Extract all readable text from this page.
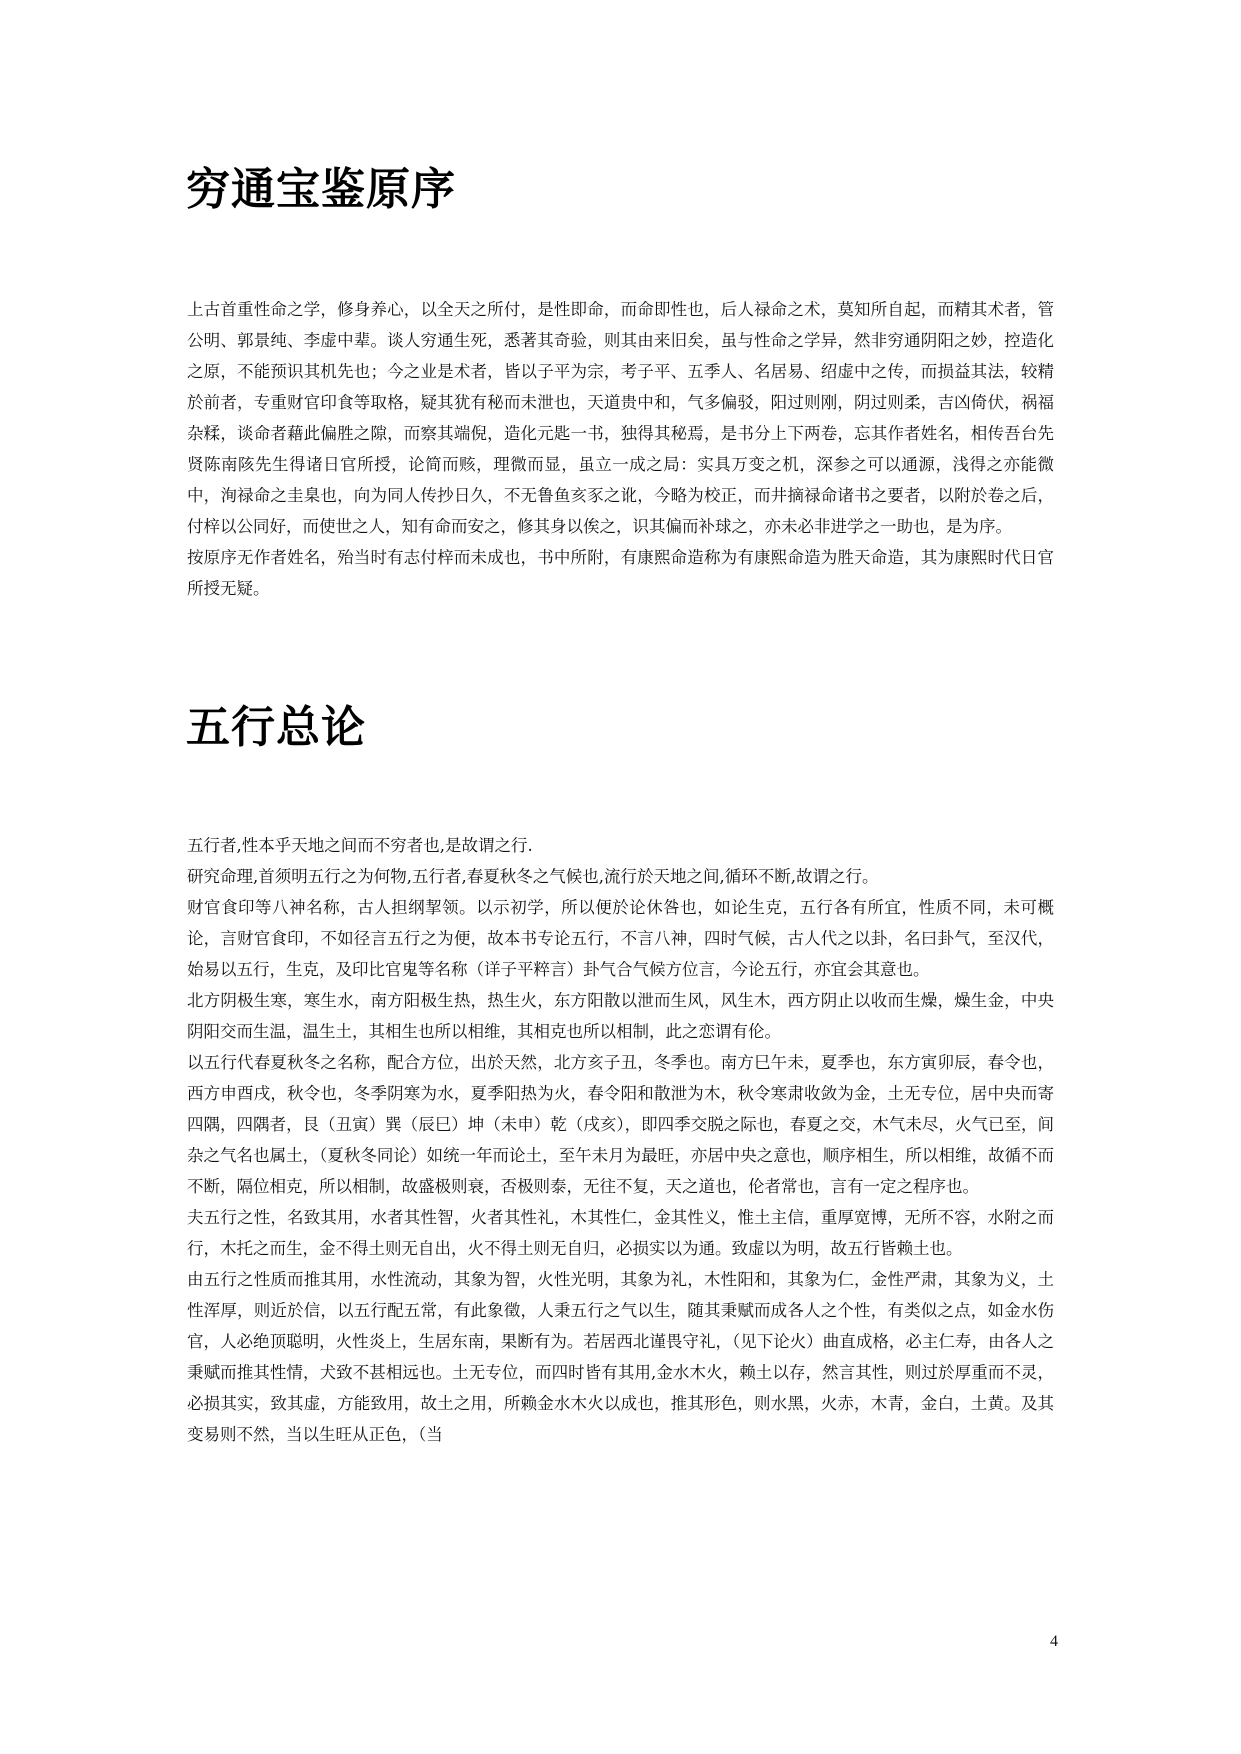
穷通宝鉴原序

上古首重性命之学，修身养心，以全天之所付，是性即命，而命即性也，后人禄命之术，莫知所自起，而精其术者，管公明、郭景纯、李虚中辈。谈人穷通生死，悉著其奇验，则其由来旧矣，虽与性命之学异，然非穷通阴阳之妙，控造化之原，不能预识其机先也；今之业是术者，皆以子平为宗，考子平、五季人、名居易、绍虚中之传，而损益其法，较精於前者，专重财官印食等取格，疑其犹有秘而未泄也，天道贵中和，气多偏驳，阳过则刚，阴过则柔，吉凶倚伏，祸福杂糅，谈命者藉此偏胜之隙，而察其端倪，造化元匙一书，独得其秘焉，是书分上下两卷，忘其作者姓名，相传吾台先贤陈南陔先生得诸日官所授，论简而赅，理微而显，虽立一成之局：实具万变之机，深参之可以通源，浅得之亦能微中，洵禄命之圭臬也，向为同人传抄日久，不无鲁鱼亥豕之讹，今略为校正，而井摘禄命诸书之要者，以附於卷之后，付梓以公同好，而使世之人，知有命而安之，修其身以俟之，识其偏而补球之，亦未必非进学之一助也，是为序。

按原序无作者姓名，殆当时有志付梓而未成也，书中所附，有康熙命造称为有康熙命造为胜天命造，其为康熙时代日官所授无疑。

五行总论

五行者,性本乎天地之间而不穷者也,是故谓之行.

研究命理,首须明五行之为何物,五行者,春夏秋冬之气候也,流行於天地之间,循环不断,故谓之行。

财官食印等八神名称，古人担纲挈领。以示初学，所以便於论休咎也，如论生克，五行各有所宜，性质不同，未可概论，言财官食印，不如径言五行之为便，故本书专论五行，不言八神，四时气候，古人代之以卦，名曰卦气，至汉代，始易以五行，生克，及印比官鬼等名称（详子平粹言）卦气合气候方位言，今论五行，亦宜会其意也。

北方阴极生寒，寒生水，南方阳极生热，热生火，东方阳散以泄而生风，风生木，西方阴止以收而生燥，燥生金，中央阴阳交而生温，温生土，其相生也所以相维，其相克也所以相制，此之恋谓有伦。

以五行代春夏秋冬之名称，配合方位，出於天然，北方亥子丑，冬季也。南方巳午未，夏季也，东方寅卯辰，春令也，西方申酉戌，秋令也，冬季阴寒为水，夏季阳热为火，春令阳和散泄为木，秋令寒肃收敛为金，土无专位，居中央而寄四隅，四隅者，艮（丑寅）巽（辰巳）坤（未申）乾（戌亥），即四季交脱之际也，春夏之交，木气未尽，火气已至，间杂之气名也属土，（夏秋冬同论）如统一年而论土，至午未月为最旺，亦居中央之意也，顺序相生，所以相维，故循不而不断，隔位相克，所以相制，故盛极则衰，否极则泰，无往不复，天之道也，伦者常也，言有一定之程序也。

夫五行之性，名致其用，水者其性智，火者其性礼，木其性仁，金其性义，惟土主信，重厚宽博，无所不容，水附之而行，木托之而生，金不得土则无自出，火不得土则无自归，必损实以为通。致虚以为明，故五行皆赖土也。

由五行之性质而推其用，水性流动，其象为智，火性光明，其象为礼，木性阳和，其象为仁，金性严肃，其象为义，土性浑厚，则近於信，以五行配五常，有此象徵，人秉五行之气以生，随其秉赋而成各人之个性，有类似之点，如金水伤官，人必绝顶聪明，火性炎上，生居东南，果断有为。若居西北谨畏守礼，（见下论火）曲直成格，必主仁寿，由各人之秉赋而推其性情，犬致不甚相远也。土无专位，而四时皆有其用,金水木火，赖土以存，然言其性，则过於厚重而不灵，必损其实，致其虚，方能致用，故土之用，所赖金水木火以成也，推其形色，则水黑，火赤，木青，金白，土黄。及其变易则不然，当以生旺从正色，（当

4
